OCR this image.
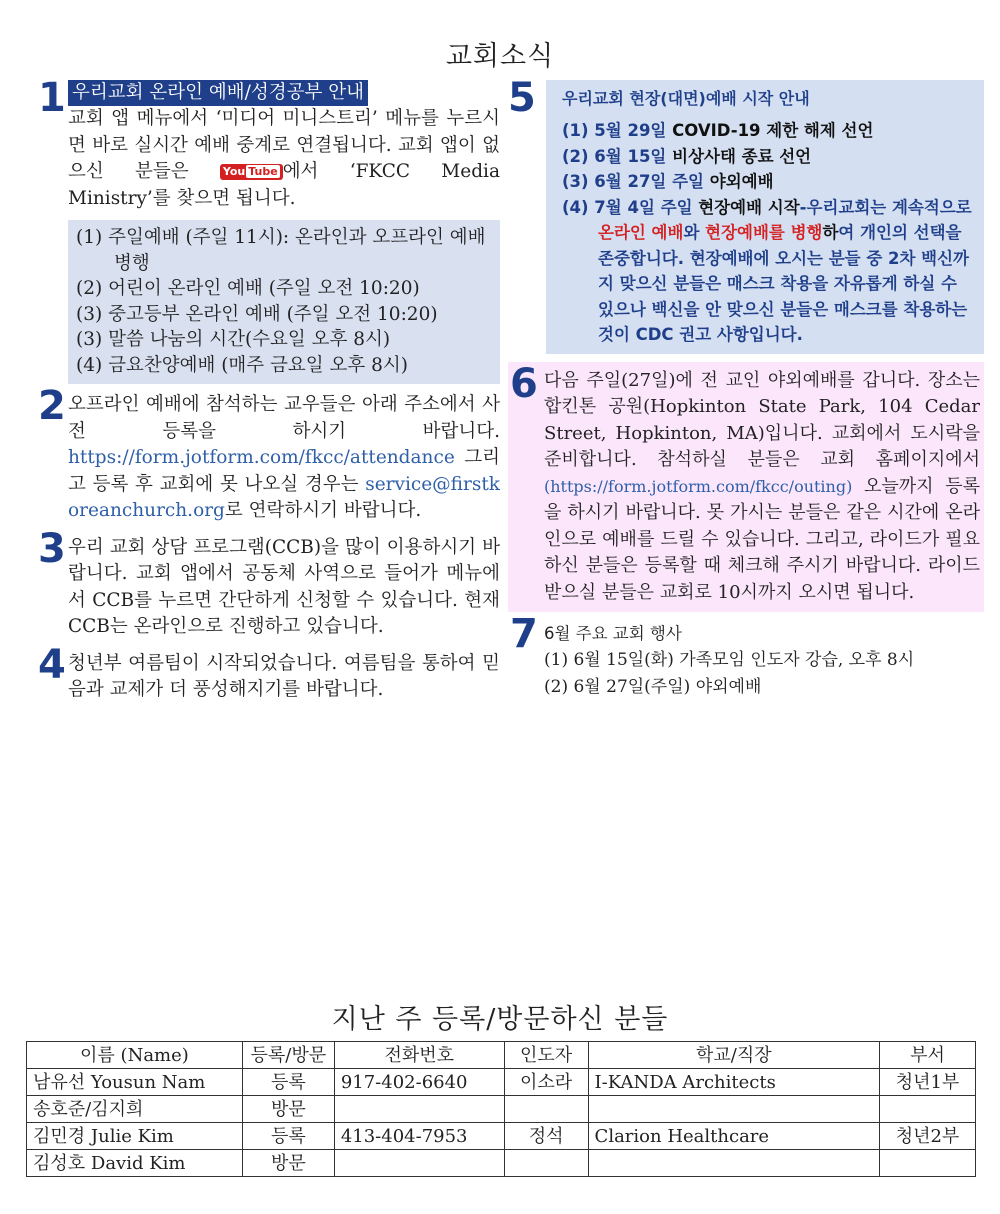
교회소식
1 우리교회 온라인 예배/성경공부 안내
교회 앱 메뉴에서 ‘미디어 미니스트리’ 메뉴를 누르시면 바로 실시간 예배 중계로 연결됩니다. 교회 앱이 없으신 분들은 You Tube 에서 ‘FKCC Media Ministry’를 찾으면 됩니다.
(1) 주일예배 (주일 11시): 온라인과 오프라인 예배 병행
(2) 어린이 온라인 예배 (주일 오전 10:20)
(3) 중고등부 온라인 예배 (주일 오전 10:20)
(3) 말씀 나눔의 시간(수요일 오후 8시)
(4) 금요찬양예배 (매주 금요일 오후 8시)
2 오프라인 예배에 참석하는 교우들은 아래 주소에서 사전 등록을 하시기 바랍니다. https://form.jotform.com/fkcc/attendance 그리고 등록 후 교회에 못 나오실 경우는 service@firstkoreanchurch.org로 연락하시기 바랍니다.
3 우리 교회 상담 프로그램(CCB)을 많이 이용하시기 바랍니다. 교회 앱에서 공동체 사역으로 들어가 메뉴에서 CCB를 누르면 간단하게 신청할 수 있습니다. 현재 CCB는 온라인으로 진행하고 있습니다.
4 청년부 여름팀이 시작되었습니다. 여름팀을 통하여 믿음과 교제가 더 풍성해지기를 바랍니다.
5 우리교회 현장(대면)예배 시작 안내
(1) 5월 29일 COVID-19 제한 해제 선언
(2) 6월 15일 비상사태 종료 선언
(3) 6월 27일 주일 야외예배
(4) 7월 4일 주일 현장예배 시작-우리교회는 계속적으로 온라인 예배와 현장예배를 병행하여 개인의 선택을 존중합니다. 현장예배에 오시는 분들 중 2차 백신까지 맞으신 분들은 매스크 착용을 자유롭게 하실 수 있으나 백신을 안 맞으신 분들은 매스크를 착용하는 것이 CDC 권고 사항입니다.
6 다음 주일(27일)에 전 교인 야외예배를 갑니다. 장소는 합킨톤 공원(Hopkinton State Park, 104 Cedar Street, Hopkinton, MA)입니다. 교회에서 도시락을 준비합니다. 참석하실 분들은 교회 홈페이지에서 (https://form.jotform.com/fkcc/outing) 오늘까지 등록을 하시기 바랍니다. 못 가시는 분들은 같은 시간에 온라인으로 예배를 드릴 수 있습니다. 그리고, 라이드가 필요하신 분들은 등록할 때 체크해 주시기 바랍니다. 라이드 받으실 분들은 교회로 10시까지 오시면 됩니다.
7 6월 주요 교회 행사
(1) 6월 15일(화) 가족모임 인도자 강습, 오후 8시
(2) 6월 27일(주일) 야외예배
지난 주 등록/방문하신 분들
이름 (Name)	등록/방문	전화번호	인도자	학교/직장	부서
남유선 Yousun Nam	등록	917-402-6640	이소라	I-KANDA Architects	청년1부
송호준/김지희	방문				
김민경 Julie Kim	등록	413-404-7953	정석	Clarion Healthcare	청년2부
김성호 David Kim	방문				
